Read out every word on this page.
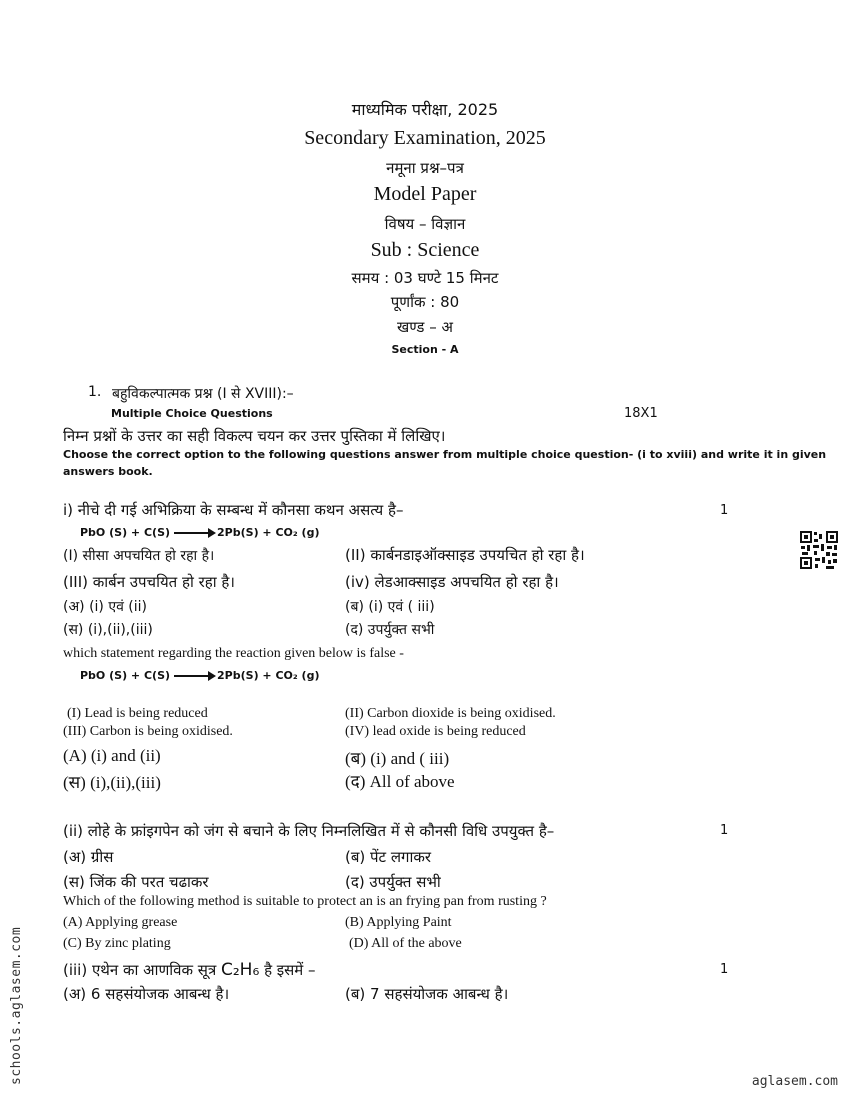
माध्यमिक परीक्षा, 2025
Secondary Examination, 2025
नमूना प्रश्न–पत्र
Model Paper
विषय – विज्ञान
Sub : Science
समय : 03 घण्टे 15 मिनट
पूर्णांक : 80
खण्ड – अ
Section - A
1. बहुविकल्पात्मक प्रश्न (I से XVIII):–
Multiple Choice Questions	18X1
निम्न प्रश्नों के उत्तर का सही विकल्प चयन कर उत्तर पुस्तिका में लिखिए।
Choose the correct option to the following questions answer from multiple choice question- (i to xviii) and write it in given
answers book.
i) नीचे दी गई अभिक्रिया के सम्बन्ध में कौनसा कथन असत्य है–	1
PbO (S) + C(S)	2Pb(S) + CO₂ (g)
(I) सीसा अपचयित हो रहा है।	(II) कार्बनडाइऑक्साइड उपयचित हो रहा है।
(III) कार्बन उपचयित हो रहा है।	(iv) लेडआक्साइड अपचयित हो रहा है।
(अ) (i) एवं (ii)	(ब) (i) एवं ( iii)
(स) (i),(ii),(iii)	(द) उपर्युक्त सभी
which statement regarding the reaction given below is false -
PbO (S) + C(S)	2Pb(S) + CO₂ (g)
(I) Lead is being reduced	(II) Carbon dioxide is being oxidised.
(III) Carbon is being oxidised.	(IV) lead oxide is being reduced
(A) (i) and (ii)	(ब) (i) and ( iii)
(स) (i),(ii),(iii)	(द) All of above
(ii) लोहे के फ्रांइगपेन को जंग से बचाने के लिए निम्नलिखित में से कौनसी विधि उपयुक्त है–	1
(अ) ग्रीस	(ब) पेंट लगाकर
(स) जिंक की परत चढाकर	(द) उपर्युक्त सभी
Which of the following method is suitable to protect an is an frying pan from rusting ?
(A) Applying grease	(B) Applying Paint
(C) By zinc plating	(D) All of the above
(iii) एथेन का आणविक सूत्र C₂H₆ है इसमें –	1
(अ) 6 सहसंयोजक आबन्ध है।	(ब) 7 सहसंयोजक आबन्ध है।
schools.aglasem.com	aglasem.com
